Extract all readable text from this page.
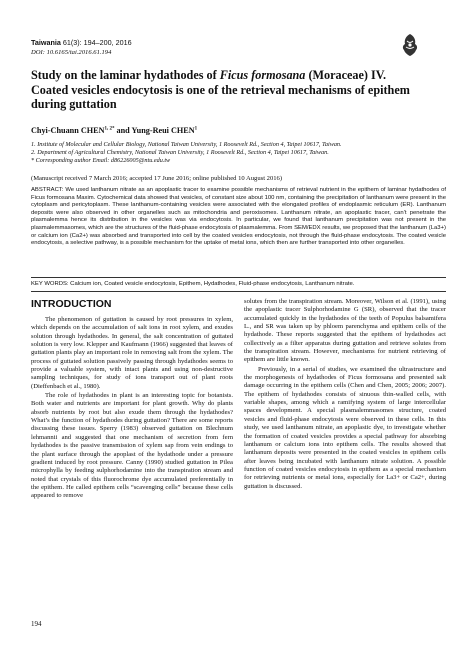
Taiwania 61(3): 194–200, 2016
DOI: 10.6165/tai.2016.61.194
Study on the laminar hydathodes of Ficus formosana (Moraceae) IV.
Coated vesicles endocytosis is one of the retrieval mechanisms of epithem
during guttation
Chyi-Chuann $CHEN^{1, 2*}$ and Yung-Reui CHEN$^1$
1. Institute of Molecular and Cellular Biology, National Taiwan University, 1 Roosevelt Rd., Section 4, Taipei 10617, Taiwan.
2. Department of Agricultural Chemistry, National Taiwan University, 1 Roosevelt Rd., Section 4, Taipei 10617, Taiwan.
* Corresponding author Email: d86226005@ntu.edu.tw
(Manuscript received 7 March 2016; accepted 17 June 2016; online published 10 August 2016)
ABSTRACT: We used lanthanum nitrate as an apoplastic tracer to examine possible mechanisms of retrieval nutrient in the epithem of laminar hydathodes of Ficus formosana Maxim. Cytochemical data showed that vesicles, of constant size about 100 nm, containing the precipitation of lanthanum were present in the cytoplasm and pericytoplasm. These lanthanum-containing vesicles were associated with the elongated profiles of endoplasmic reticulum (ER). Lanthanum deposits were also observed in other organelles such as mitochondria and peroxisomes. Lanthanum nitrate, an apoplastic tracer, can’t penetrate the plasmalemma hence its distribution in the vesicles was via endocytosis. In particular, we found that lanthanum precipitation was not present in the plasmalemmasomes, which are the structures of the fluid-phase endocytosis of plasmalemma. From SEM/EDX results, we proposed that the lanthanum (La3+) or calcium ion (Ca2+) was absorbed and transported into cell by the coated vesicles endocytosis, not through the fluid-phase endocytosis. The coated vesicle endocytosis, a selective pathway, is a possible mechanism for the uptake of metal ions, which then are further transported into other organelles.
KEY WORDS: Calcium ion, Coated vesicle endocytosis, Epithem, Hydathodes, Fluid-phase endocytosis, Lanthanum nitrate.
INTRODUCTION

The phenomenon of guttation is caused by root pressures in xylem, which depends on the accumulation of salt ions in root xylem, and exudes solution through hydathodes. In general, the salt concentration of guttated solution is very low. Klepper and Kaufmann (1966) suggested that leaves of guttation plants play an important role in removing salt from the xylem. The process of guttated solution passively passing through hydathodes seems to provide a valuable system, with intact plants and using non-destructive sampling techniques, for study of ions transport out of plant roots (Dieffenbach et al., 1980).

The role of hydathodes in plant is an interesting topic for botanists. Both water and nutrients are important for plant growth. Why do plants absorb nutrients by root but also exude them through the hydathodes? What’s the function of hydathodes during guttation? There are some reports discussing these issues. Sperry (1983) observed guttation on Blechnum lehmannii and suggested that one mechanism of secretion from fern hydathodes is the passive transmission of xylem sap from vein endings to the plant surface through the apoplast of the hydathode under a pressure gradient induced by root pressure. Canny (1990) studied guttation in Pilea microphylla by feeding sulphorhodamine into the transpiration stream and noted that crystals of this fluorochrome dye accumulated preferentially in the epithem. He called epithem cells “scavenging cells” because these cells appeared to remove

solutes from the transpiration stream. Moreover, Wilson et al. (1991), using the apoplastic tracer Sulphorhodamine G (SR), observed that the tracer accumulated quickly in the hydathodes of the teeth of Populus balsamifera L., and SR was taken up by phloem parenchyma and epithem cells of the hydathode. These reports suggested that the epithem of hydathodes act collectively as a filter apparatus during guttation and retrieve solutes from the transpiration stream. However, mechanisms for nutrient retrieving of epithem are little known.

Previously, in a serial of studies, we examined the ultrastructure and the morphogenesis of hydathodes of Ficus formosana and presented salt damage occurring in the epithem cells (Chen and Chen, 2005; 2006; 2007). The epithem of hydathodes consists of sinuous thin-walled cells, with variable shapes, among which a ramifying system of large intercellular spaces development. A special plasmalemmasomes structure, coated vesicles and fluid-phase endocytosis were observed in these cells. In this study, we used lanthanum nitrate, an apoplastic dye, to investigate whether the formation of coated vesicles provides a special pathway for absorbing lanthanum or calcium ions into epithem cells. The results showed that lanthanum deposits were presented in the coated vesicles in epithem cells after leaves being incubated with lanthanum nitrate solution. A possible function of coated vesicles endocytosis in epithem as a special mechanism for retrieving nutrients or metal ions, especially for La3+ or Ca2+, during guttation is discussed.

194
